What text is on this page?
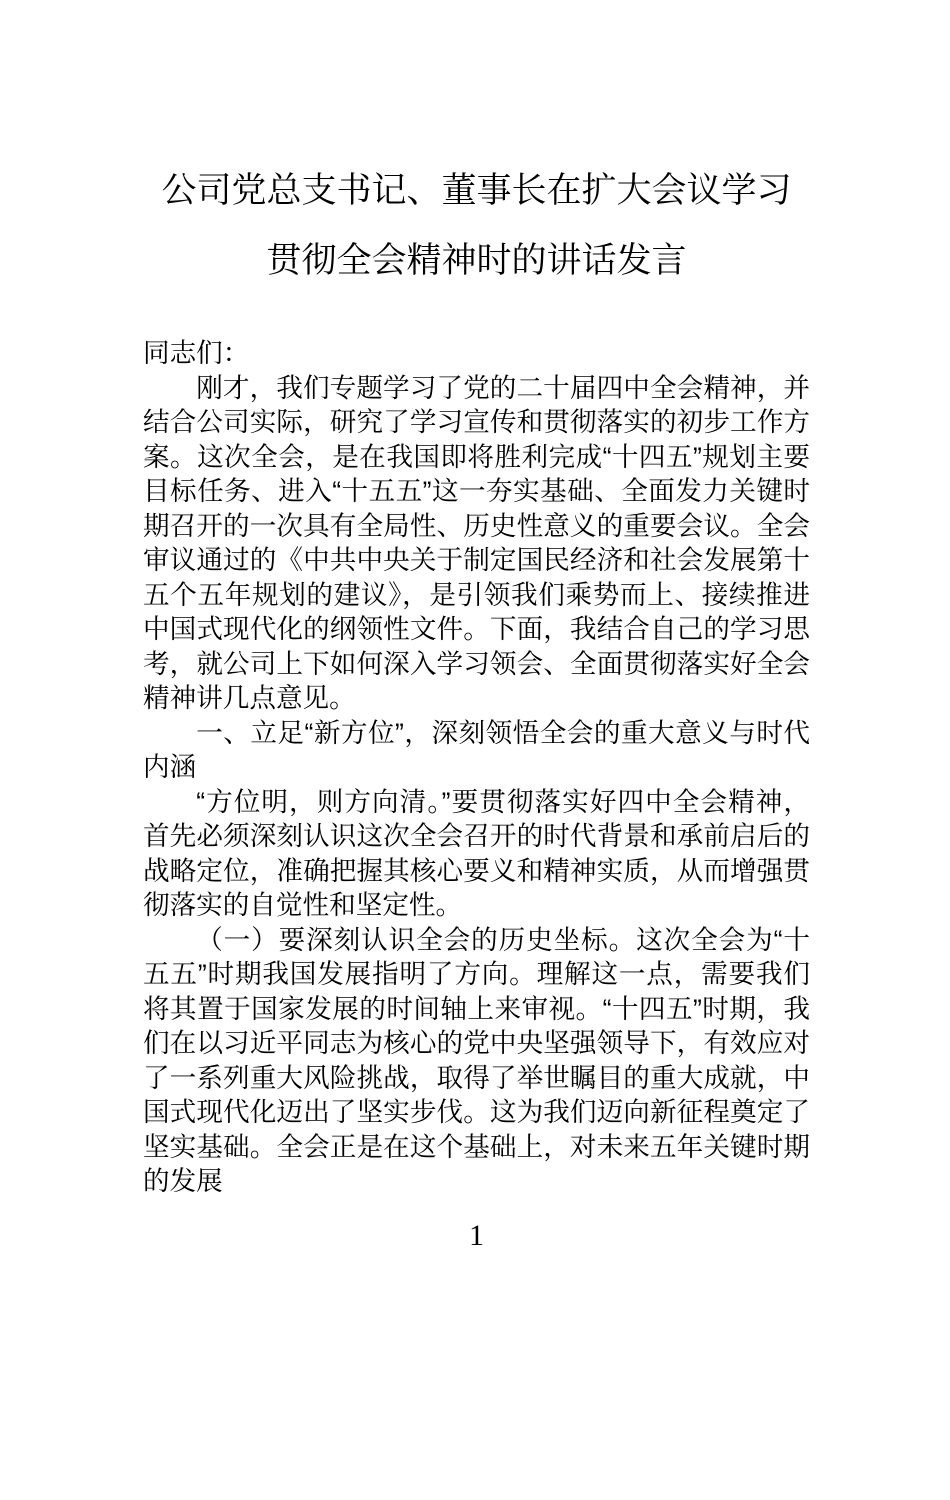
公司党总支书记、董事长在扩大会议学习
贯彻全会精神时的讲话发言

同志们：

刚才，我们专题学习了党的二十届四中全会精神，并结合公司实际，研究了学习宣传和贯彻落实的初步工作方案。这次全会，是在我国即将胜利完成“十四五”规划主要目标任务、进入“十五五”这一夯实基础、全面发力关键时期召开的一次具有全局性、历史性意义的重要会议。全会审议通过的《中共中央关于制定国民经济和社会发展第十五个五年规划的建议》，是引领我们乘势而上、接续推进中国式现代化的纲领性文件。下面，我结合自己的学习思考，就公司上下如何深入学习领会、全面贯彻落实好全会精神讲几点意见。

一、立足“新方位”，深刻领悟全会的重大意义与时代内涵

“方位明，则方向清。”要贯彻落实好四中全会精神，首先必须深刻认识这次全会召开的时代背景和承前启后的战略定位，准确把握其核心要义和精神实质，从而增强贯彻落实的自觉性和坚定性。

（一）要深刻认识全会的历史坐标。这次全会为“十五五”时期我国发展指明了方向。理解这一点，需要我们将其置于国家发展的时间轴上来审视。“十四五”时期，我们在以习近平同志为核心的党中央坚强领导下，有效应对了一系列重大风险挑战，取得了举世瞩目的重大成就，中国式现代化迈出了坚实步伐。这为我们迈向新征程奠定了坚实基础。全会正是在这个基础上，对未来五年关键时期的发展

1
